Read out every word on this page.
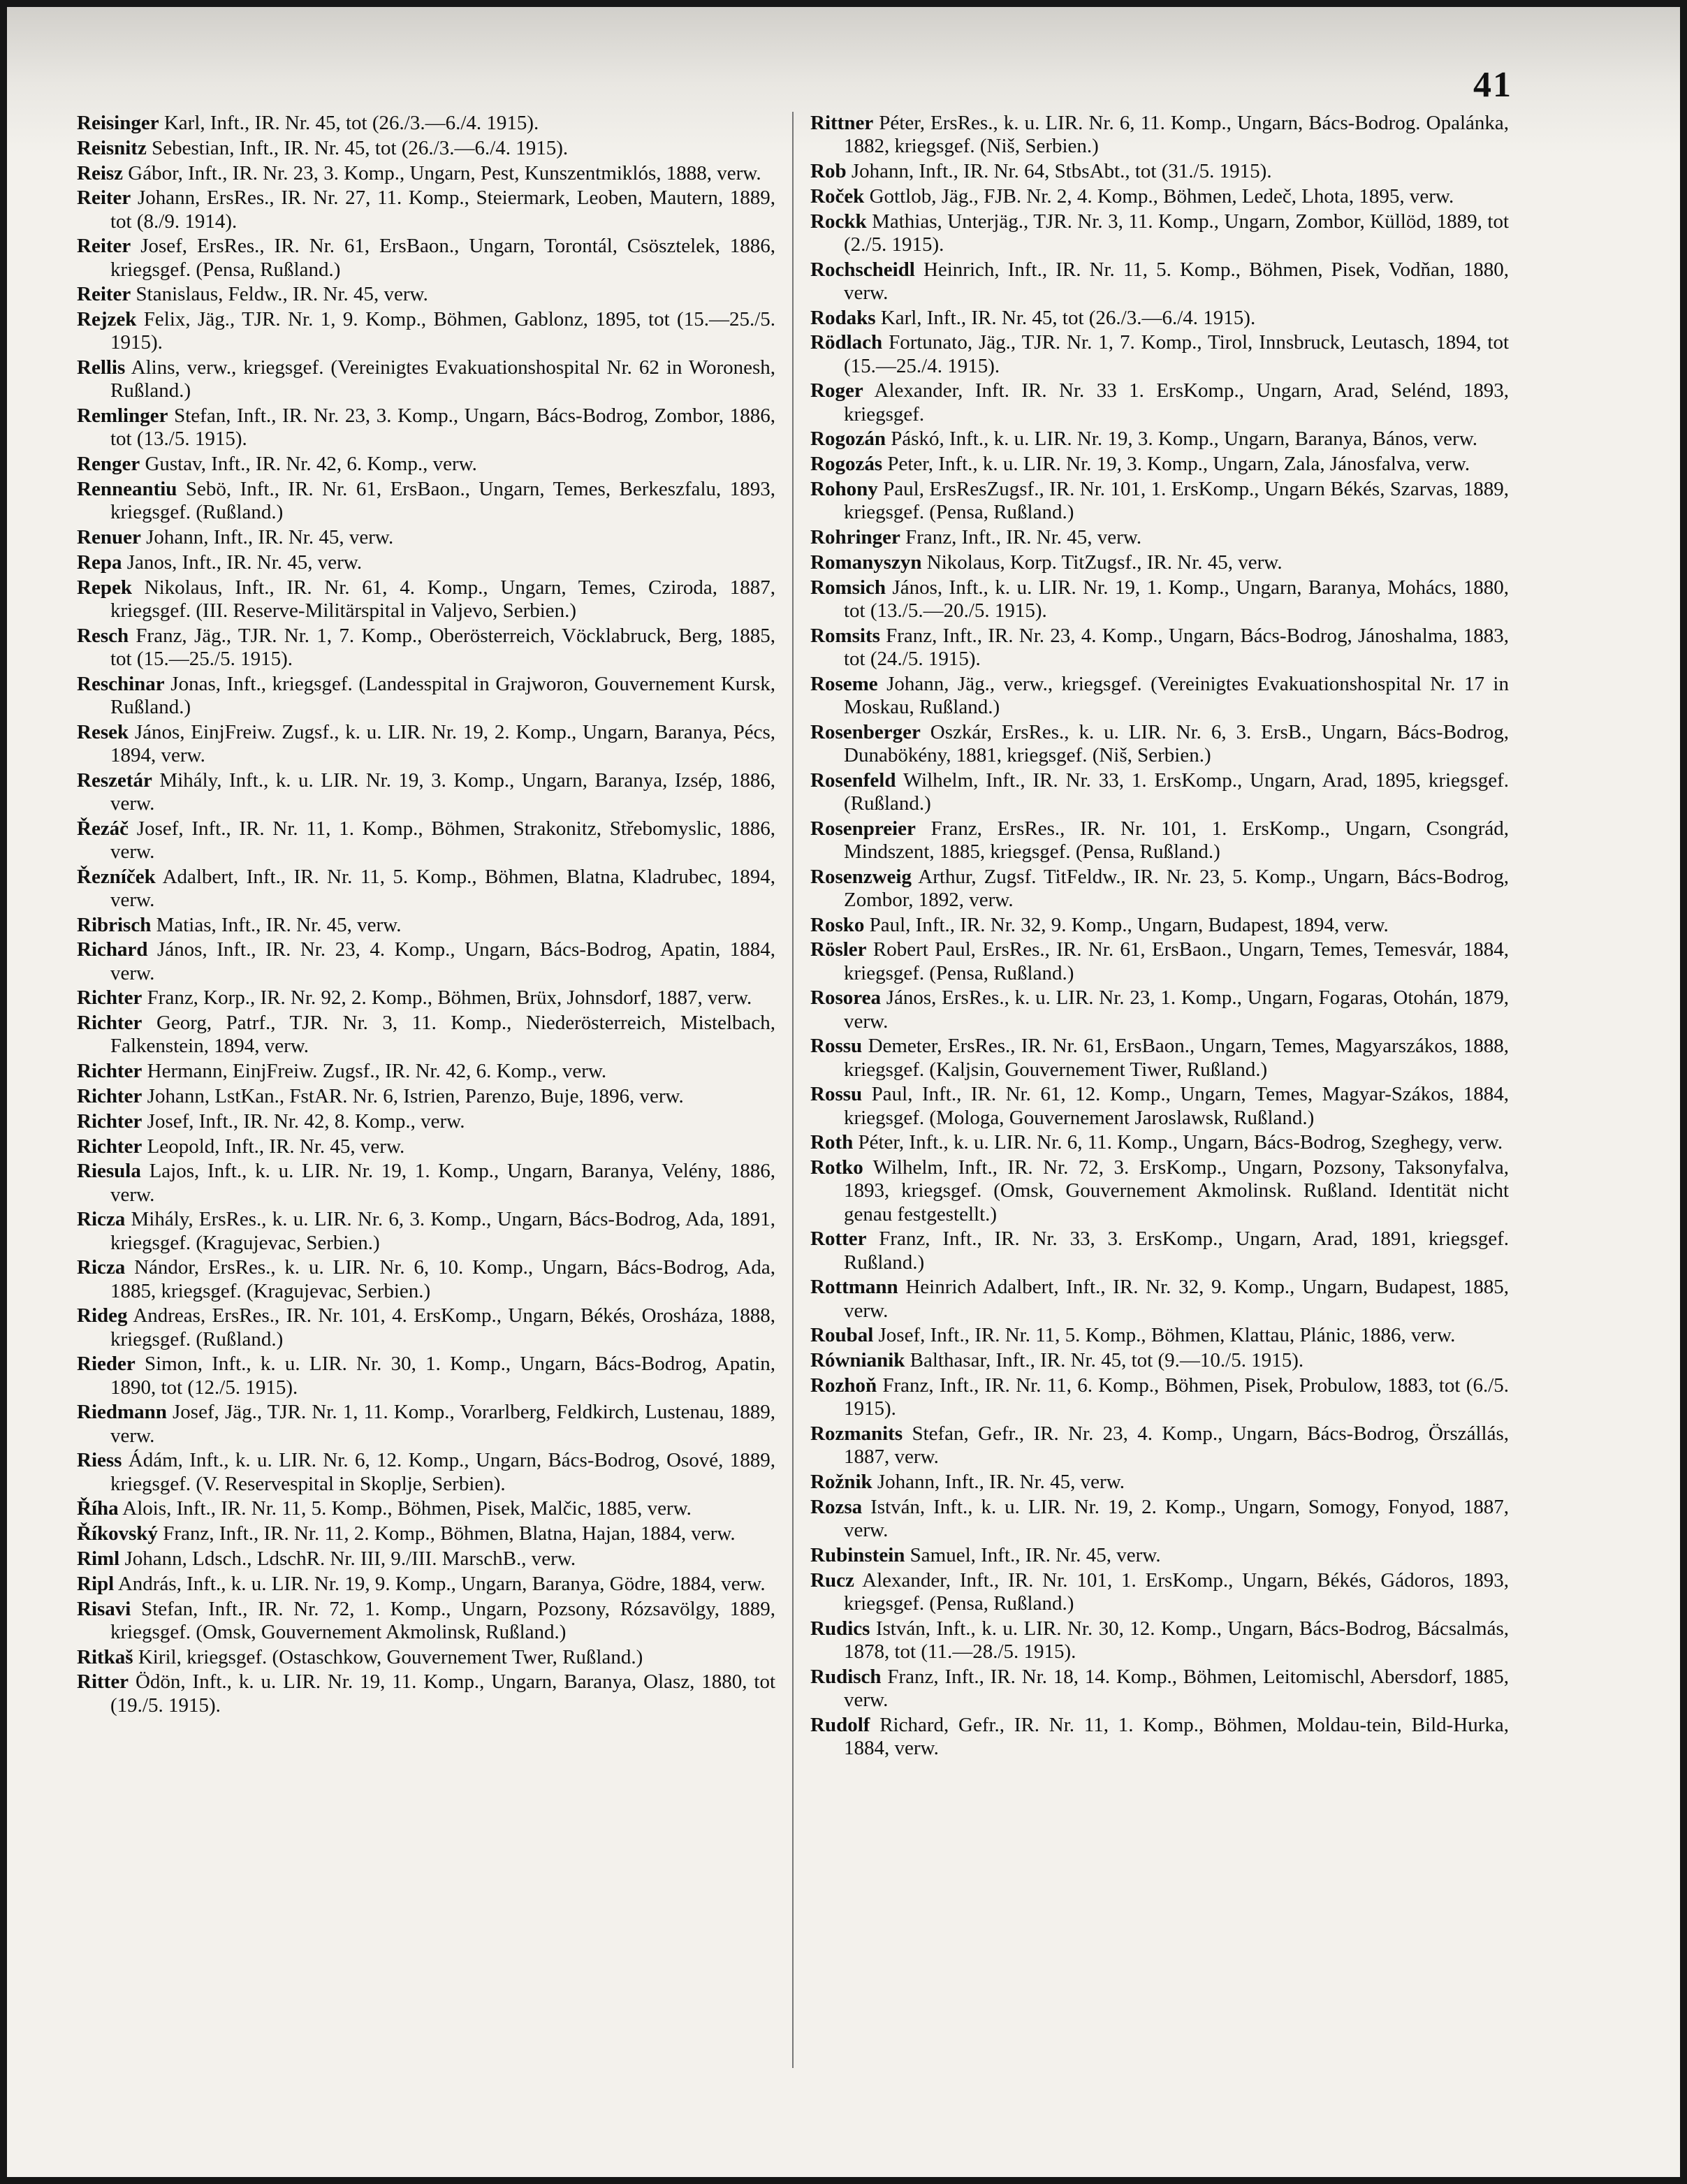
41

Reisinger Karl, Inft., IR. Nr. 45, tot (26./3.—6./4. 1915).

Reisnitz Sebestian, Inft., IR. Nr. 45, tot (26./3.—6./4. 1915).

Reisz Gábor, Inft., IR. Nr. 23, 3. Komp., Ungarn, Pest, Kunszentmiklós, 1888, verw.

Reiter Johann, ErsRes., IR. Nr. 27, 11. Komp., Steiermark, Leoben, Mautern, 1889, tot (8./9. 1914).

Reiter Josef, ErsRes., IR. Nr. 61, ErsBaon., Ungarn, Torontál, Csösztelek, 1886, kriegsgef. (Pensa, Rußland.)

Reiter Stanislaus, Feldw., IR. Nr. 45, verw.

Rejzek Felix, Jäg., TJR. Nr. 1, 9. Komp., Böhmen, Gablonz, 1895, tot (15.—25./5. 1915).

Rellis Alins, verw., kriegsgef. (Vereinigtes Evakuationshospital Nr. 62 in Woronesh, Rußland.)

Remlinger Stefan, Inft., IR. Nr. 23, 3. Komp., Ungarn, Bács-Bodrog, Zombor, 1886, tot (13./5. 1915).

Renger Gustav, Inft., IR. Nr. 42, 6. Komp., verw.

Renneantiu Sebö, Inft., IR. Nr. 61, ErsBaon., Ungarn, Temes, Berkeszfalu, 1893, kriegsgef. (Rußland.)

Renuer Johann, Inft., IR. Nr. 45, verw.

Repa Janos, Inft., IR. Nr. 45, verw.

Repek Nikolaus, Inft., IR. Nr. 61, 4. Komp., Ungarn, Temes, Cziroda, 1887, kriegsgef. (III. Reserve-Militärspital in Valjevo, Serbien.)

Resch Franz, Jäg., TJR. Nr. 1, 7. Komp., Oberösterreich, Vöcklabruck, Berg, 1885, tot (15.—25./5. 1915).

Reschinar Jonas, Inft., kriegsgef. (Landesspital in Grajworon, Gouvernement Kursk, Rußland.)

Resek János, EinjFreiw. Zugsf., k. u. LIR. Nr. 19, 2. Komp., Ungarn, Baranya, Pécs, 1894, verw.

Reszetár Mihály, Inft., k. u. LIR. Nr. 19, 3. Komp., Ungarn, Baranya, Izsép, 1886, verw.

Řezáč Josef, Inft., IR. Nr. 11, 1. Komp., Böhmen, Strakonitz, Střebomyslic, 1886, verw.

Řezníček Adalbert, Inft., IR. Nr. 11, 5. Komp., Böhmen, Blatna, Kladrubec, 1894, verw.

Ribrisch Matias, Inft., IR. Nr. 45, verw.

Richard János, Inft., IR. Nr. 23, 4. Komp., Ungarn, Bács-Bodrog, Apatin, 1884, verw.

Richter Franz, Korp., IR. Nr. 92, 2. Komp., Böhmen, Brüx, Johnsdorf, 1887, verw.

Richter Georg, Patrf., TJR. Nr. 3, 11. Komp., Niederösterreich, Mistelbach, Falkenstein, 1894, verw.

Richter Hermann, EinjFreiw. Zugsf., IR. Nr. 42, 6. Komp., verw.

Richter Johann, LstKan., FstAR. Nr. 6, Istrien, Parenzo, Buje, 1896, verw.

Richter Josef, Inft., IR. Nr. 42, 8. Komp., verw.

Richter Leopold, Inft., IR. Nr. 45, verw.

Riesula Lajos, Inft., k. u. LIR. Nr. 19, 1. Komp., Ungarn, Baranya, Velény, 1886, verw.

Ricza Mihály, ErsRes., k. u. LIR. Nr. 6, 3. Komp., Ungarn, Bács-Bodrog, Ada, 1891, kriegsgef. (Kragujevac, Serbien.)

Ricza Nándor, ErsRes., k. u. LIR. Nr. 6, 10. Komp., Ungarn, Bács-Bodrog, Ada, 1885, kriegsgef. (Kragujevac, Serbien.)

Rideg Andreas, ErsRes., IR. Nr. 101, 4. ErsKomp., Ungarn, Békés, Orosháza, 1888, kriegsgef. (Rußland.)

Rieder Simon, Inft., k. u. LIR. Nr. 30, 1. Komp., Ungarn, Bács-Bodrog, Apatin, 1890, tot (12./5. 1915).

Riedmann Josef, Jäg., TJR. Nr. 1, 11. Komp., Vorarlberg, Feldkirch, Lustenau, 1889, verw.

Riess Ádám, Inft., k. u. LIR. Nr. 6, 12. Komp., Ungarn, Bács-Bodrog, Osové, 1889, kriegsgef. (V. Reservespital in Skoplje, Serbien).

Říha Alois, Inft., IR. Nr. 11, 5. Komp., Böhmen, Pisek, Malčic, 1885, verw.

Říkovský Franz, Inft., IR. Nr. 11, 2. Komp., Böhmen, Blatna, Hajan, 1884, verw.

Riml Johann, Ldsch., LdschR. Nr. III, 9./III. MarschB., verw.

Ripl András, Inft., k. u. LIR. Nr. 19, 9. Komp., Ungarn, Baranya, Gödre, 1884, verw.

Risavi Stefan, Inft., IR. Nr. 72, 1. Komp., Ungarn, Pozsony, Rózsavölgy, 1889, kriegsgef. (Omsk, Gouvernement Akmolinsk, Rußland.)

Ritkaš Kiril, kriegsgef. (Ostaschkow, Gouvernement Twer, Rußland.)

Ritter Ödön, Inft., k. u. LIR. Nr. 19, 11. Komp., Ungarn, Baranya, Olasz, 1880, tot (19./5. 1915).

Rittner Péter, ErsRes., k. u. LIR. Nr. 6, 11. Komp., Ungarn, Bács-Bodrog. Opalánka, 1882, kriegsgef. (Niš, Serbien.)

Rob Johann, Inft., IR. Nr. 64, StbsAbt., tot (31./5. 1915).

Roček Gottlob, Jäg., FJB. Nr. 2, 4. Komp., Böhmen, Ledeč, Lhota, 1895, verw.

Rockk Mathias, Unterjäg., TJR. Nr. 3, 11. Komp., Ungarn, Zombor, Küllöd, 1889, tot (2./5. 1915).

Rochscheidl Heinrich, Inft., IR. Nr. 11, 5. Komp., Böhmen, Pisek, Vodňan, 1880, verw.

Rodaks Karl, Inft., IR. Nr. 45, tot (26./3.—6./4. 1915).

Rödlach Fortunato, Jäg., TJR. Nr. 1, 7. Komp., Tirol, Innsbruck, Leutasch, 1894, tot (15.—25./4. 1915).

Roger Alexander, Inft. IR. Nr. 33 1. ErsKomp., Ungarn, Arad, Selénd, 1893, kriegsgef.

Rogozán Páskó, Inft., k. u. LIR. Nr. 19, 3. Komp., Ungarn, Baranya, Bános, verw.

Rogozás Peter, Inft., k. u. LIR. Nr. 19, 3. Komp., Ungarn, Zala, Jánosfalva, verw.

Rohony Paul, ErsResZugsf., IR. Nr. 101, 1. ErsKomp., Ungarn Békés, Szarvas, 1889, kriegsgef. (Pensa, Rußland.)

Rohringer Franz, Inft., IR. Nr. 45, verw.

Romanyszyn Nikolaus, Korp. TitZugsf., IR. Nr. 45, verw.

Romsich János, Inft., k. u. LIR. Nr. 19, 1. Komp., Ungarn, Baranya, Mohács, 1880, tot (13./5.—20./5. 1915).

Romsits Franz, Inft., IR. Nr. 23, 4. Komp., Ungarn, Bács-Bodrog, Jánoshalma, 1883, tot (24./5. 1915).

Roseme Johann, Jäg., verw., kriegsgef. (Vereinigtes Evakuationshospital Nr. 17 in Moskau, Rußland.)

Rosenberger Oszkár, ErsRes., k. u. LIR. Nr. 6, 3. ErsB., Ungarn, Bács-Bodrog, Dunabökény, 1881, kriegsgef. (Niš, Serbien.)

Rosenfeld Wilhelm, Inft., IR. Nr. 33, 1. ErsKomp., Ungarn, Arad, 1895, kriegsgef. (Rußland.)

Rosenpreier Franz, ErsRes., IR. Nr. 101, 1. ErsKomp., Ungarn, Csongrád, Mindszent, 1885, kriegsgef. (Pensa, Rußland.)

Rosenzweig Arthur, Zugsf. TitFeldw., IR. Nr. 23, 5. Komp., Ungarn, Bács-Bodrog, Zombor, 1892, verw.

Rosko Paul, Inft., IR. Nr. 32, 9. Komp., Ungarn, Budapest, 1894, verw.

Rösler Robert Paul, ErsRes., IR. Nr. 61, ErsBaon., Ungarn, Temes, Temesvár, 1884, kriegsgef. (Pensa, Rußland.)

Rosorea János, ErsRes., k. u. LIR. Nr. 23, 1. Komp., Ungarn, Fogaras, Otohán, 1879, verw.

Rossu Demeter, ErsRes., IR. Nr. 61, ErsBaon., Ungarn, Temes, Magyarszákos, 1888, kriegsgef. (Kaljsin, Gouvernement Tiwer, Rußland.)

Rossu Paul, Inft., IR. Nr. 61, 12. Komp., Ungarn, Temes, Magyar-Szákos, 1884, kriegsgef. (Mologa, Gouvernement Jaroslawsk, Rußland.)

Roth Péter, Inft., k. u. LIR. Nr. 6, 11. Komp., Ungarn, Bács-Bodrog, Szeghegy, verw.

Rotko Wilhelm, Inft., IR. Nr. 72, 3. ErsKomp., Ungarn, Pozsony, Taksonyfalva, 1893, kriegsgef. (Omsk, Gouvernement Akmolinsk. Rußland. Identität nicht genau festgestellt.)

Rotter Franz, Inft., IR. Nr. 33, 3. ErsKomp., Ungarn, Arad, 1891, kriegsgef. Rußland.)

Rottmann Heinrich Adalbert, Inft., IR. Nr. 32, 9. Komp., Ungarn, Budapest, 1885, verw.

Roubal Josef, Inft., IR. Nr. 11, 5. Komp., Böhmen, Klattau, Plánic, 1886, verw.

Równianik Balthasar, Inft., IR. Nr. 45, tot (9.—10./5. 1915).

Rozhoň Franz, Inft., IR. Nr. 11, 6. Komp., Böhmen, Pisek, Probulow, 1883, tot (6./5. 1915).

Rozmanits Stefan, Gefr., IR. Nr. 23, 4. Komp., Ungarn, Bács-Bodrog, Örszállás, 1887, verw.

Rožnik Johann, Inft., IR. Nr. 45, verw.

Rozsa István, Inft., k. u. LIR. Nr. 19, 2. Komp., Ungarn, Somogy, Fonyod, 1887, verw.

Rubinstein Samuel, Inft., IR. Nr. 45, verw.

Rucz Alexander, Inft., IR. Nr. 101, 1. ErsKomp., Ungarn, Békés, Gádoros, 1893, kriegsgef. (Pensa, Rußland.)

Rudics István, Inft., k. u. LIR. Nr. 30, 12. Komp., Ungarn, Bács-Bodrog, Bácsalmás, 1878, tot (11.—28./5. 1915).

Rudisch Franz, Inft., IR. Nr. 18, 14. Komp., Böhmen, Leitomischl, Abersdorf, 1885, verw.

Rudolf Richard, Gefr., IR. Nr. 11, 1. Komp., Böhmen, Moldau-tein, Bild-Hurka, 1884, verw.
